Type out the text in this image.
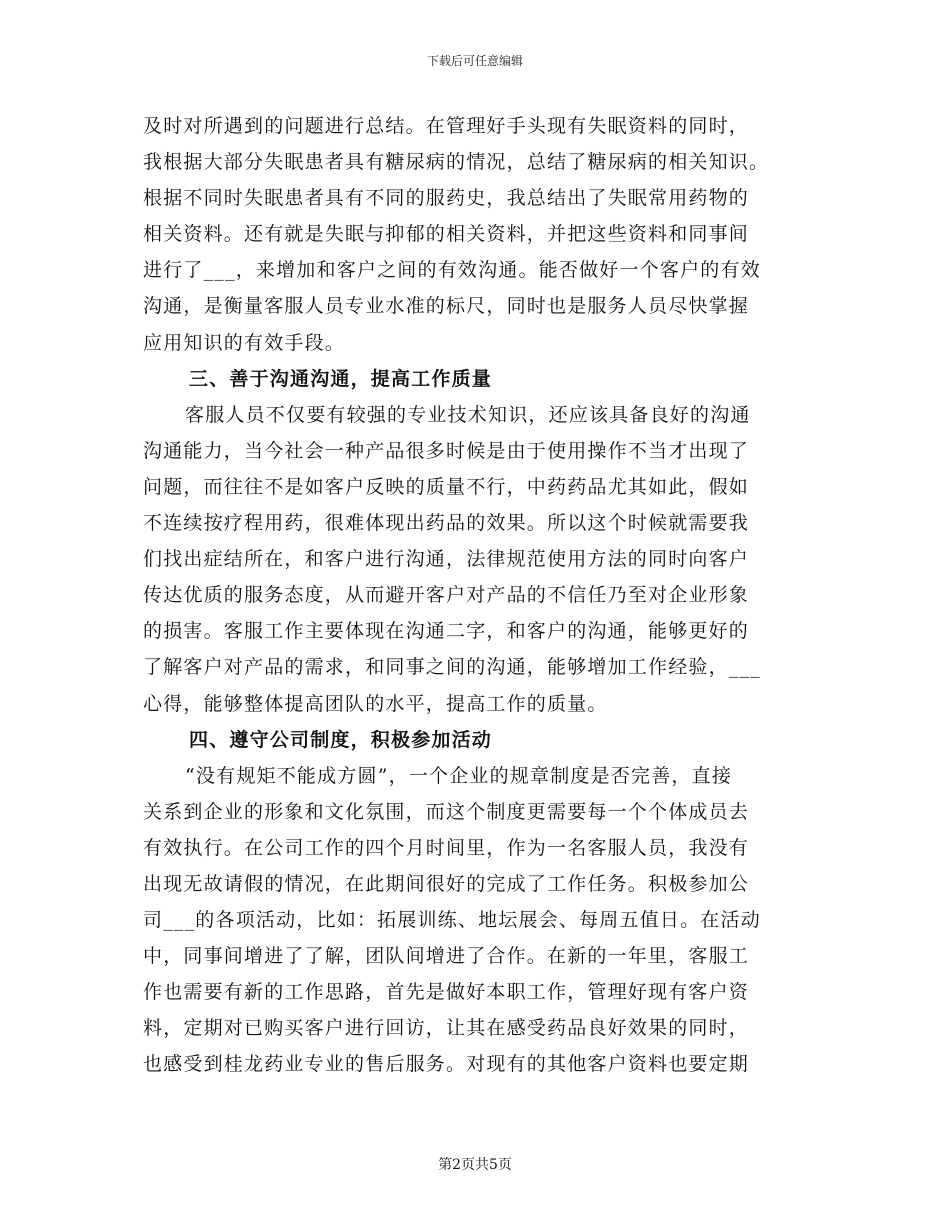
下载后可任意编辑
及时对所遇到的问题进行总结。在管理好手头现有失眠资料的同时，
我根据大部分失眠患者具有糖尿病的情况，总结了糖尿病的相关知识。
根据不同时失眠患者具有不同的服药史，我总结出了失眠常用药物的
相关资料。还有就是失眠与抑郁的相关资料，并把这些资料和同事间
进行了___，来增加和客户之间的有效沟通。能否做好一个客户的有效
沟通，是衡量客服人员专业水准的标尺，同时也是服务人员尽快掌握
应用知识的有效手段。
三、善于沟通沟通，提高工作质量
客服人员不仅要有较强的专业技术知识，还应该具备良好的沟通
沟通能力，当今社会一种产品很多时候是由于使用操作不当才出现了
问题，而往往不是如客户反映的质量不行，中药药品尤其如此，假如
不连续按疗程用药，很难体现出药品的效果。所以这个时候就需要我
们找出症结所在，和客户进行沟通，法律规范使用方法的同时向客户
传达优质的服务态度，从而避开客户对产品的不信任乃至对企业形象
的损害。客服工作主要体现在沟通二字，和客户的沟通，能够更好的
了解客户对产品的需求，和同事之间的沟通，能够增加工作经验，___
心得，能够整体提高团队的水平，提高工作的质量。
四、遵守公司制度，积极参加活动
“没有规矩不能成方圆”，一个企业的规章制度是否完善，直接
关系到企业的形象和文化氛围，而这个制度更需要每一个个体成员去
有效执行。在公司工作的四个月时间里，作为一名客服人员，我没有
出现无故请假的情况，在此期间很好的完成了工作任务。积极参加公
司___的各项活动，比如：拓展训练、地坛展会、每周五值日。在活动
中，同事间增进了了解，团队间增进了合作。在新的一年里，客服工
作也需要有新的工作思路，首先是做好本职工作，管理好现有客户资
料，定期对已购买客户进行回访，让其在感受药品良好效果的同时，
也感受到桂龙药业专业的售后服务。对现有的其他客户资料也要定期
第2页共5页
